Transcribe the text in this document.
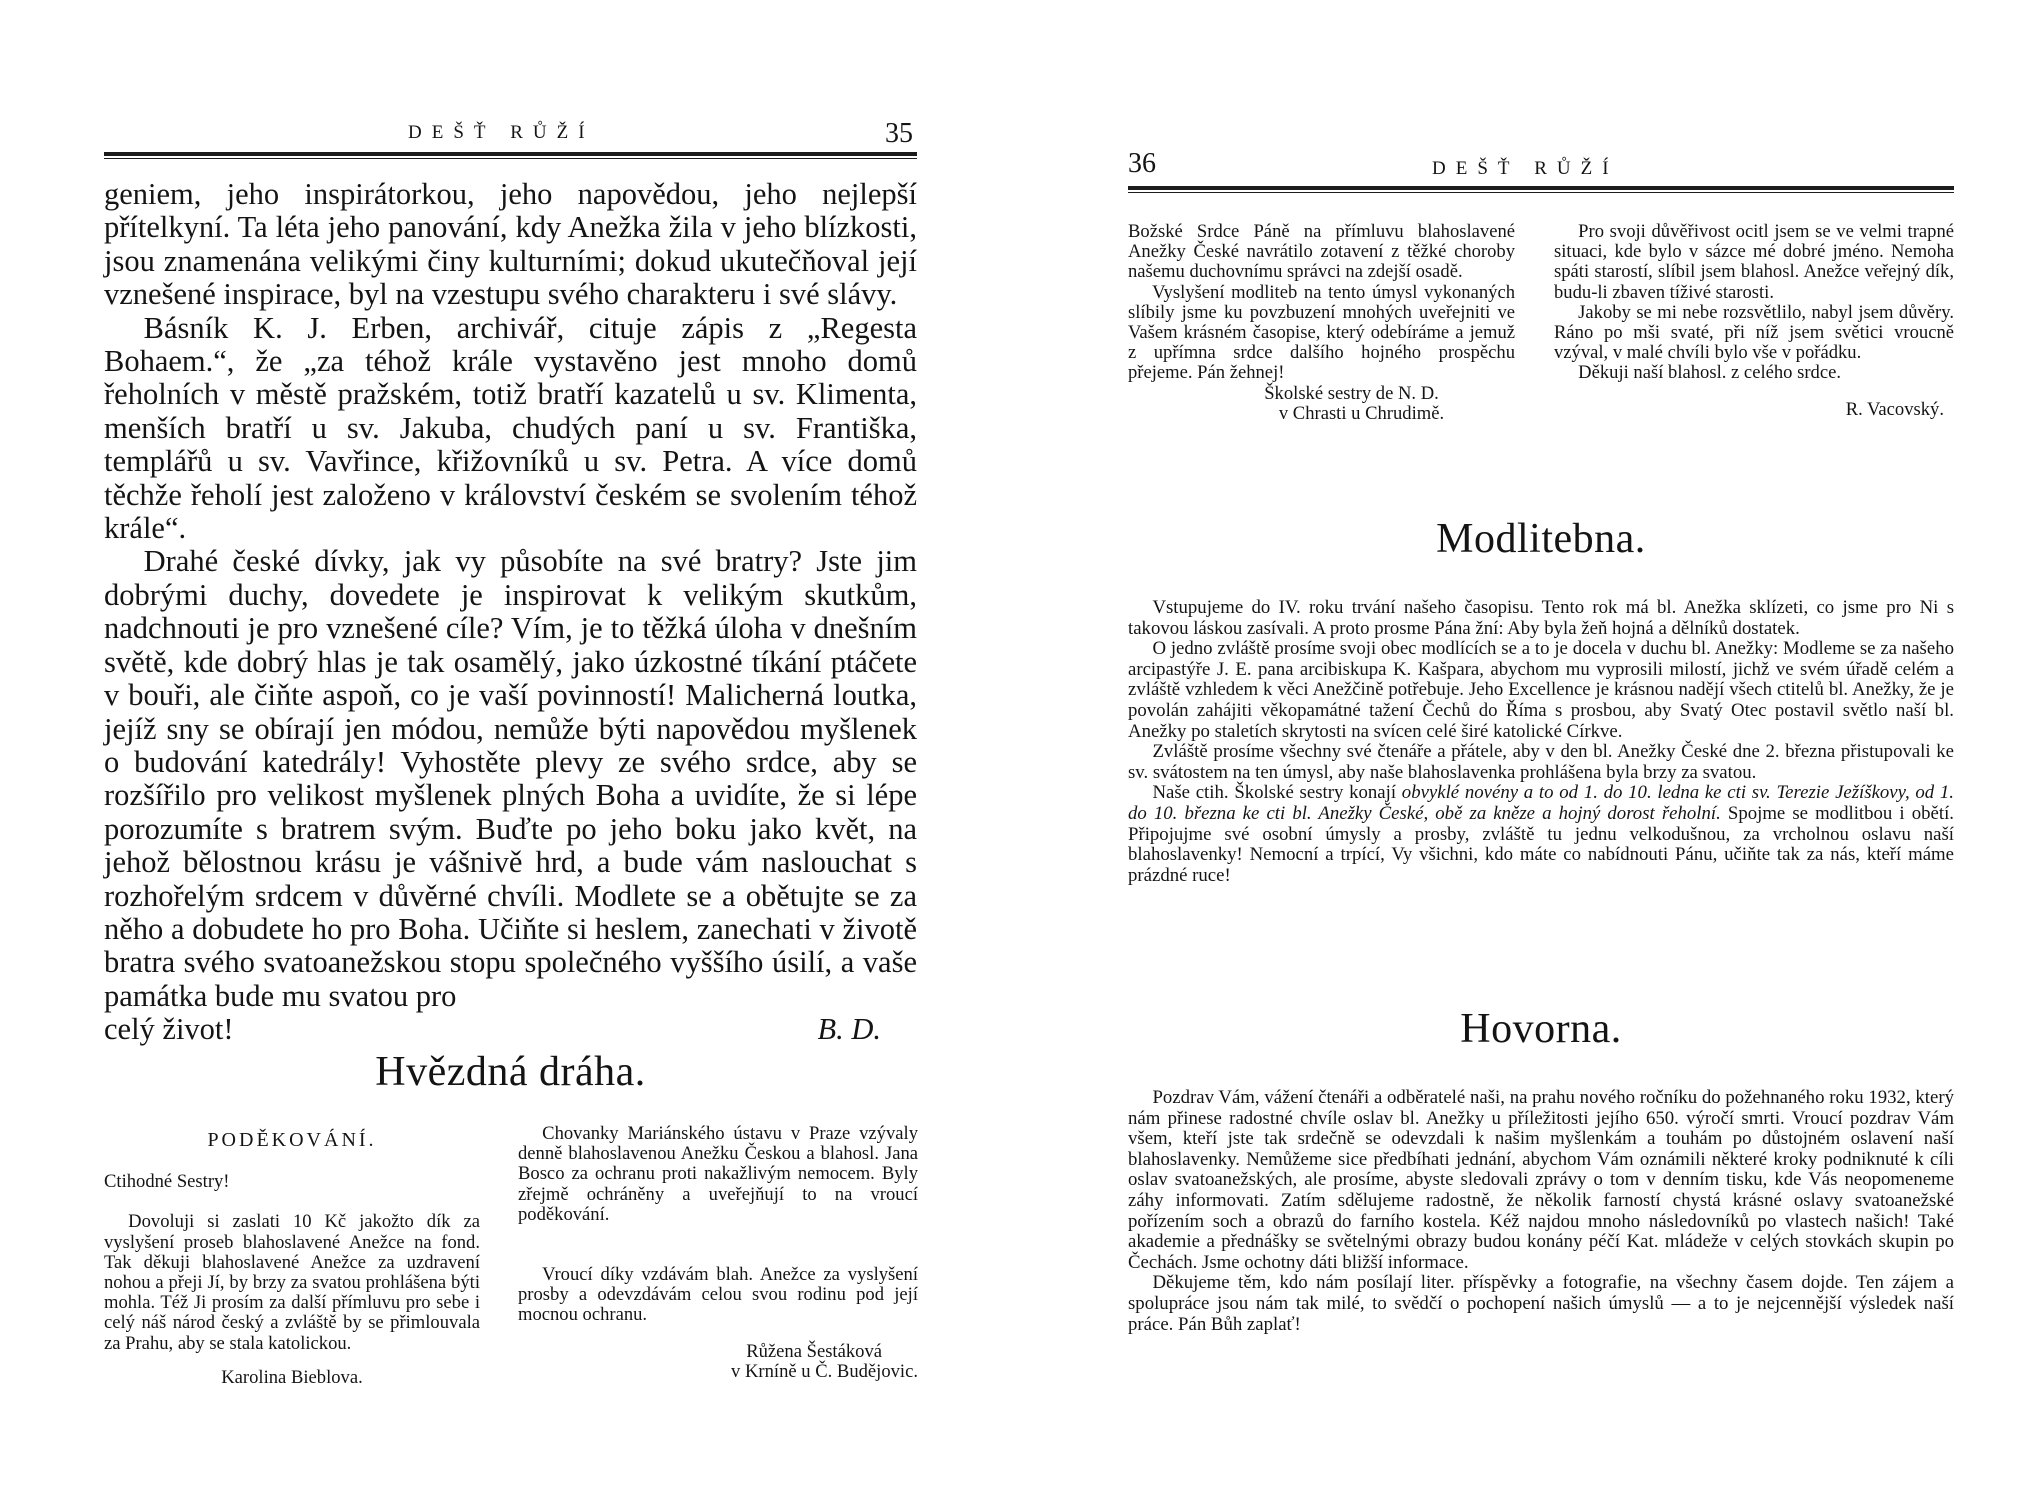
DEŠŤ RŮŽÍ	35

geniem, jeho inspirátorkou, jeho napovědou, jeho nejlepší přítelkyní. Ta léta jeho panování, kdy Anežka žila v jeho blízkosti, jsou znamenána velikými činy kulturními; dokud ukutečňoval její vznešené inspirace, byl na vzestupu svého charakteru i své slávy.

Básník K. J. Erben, archivář, cituje zápis z „Regesta Bohaem.“, že „za téhož krále vystavěno jest mnoho domů řeholních v městě pražském, totiž bratří kazatelů u sv. Klimenta, menších bratří u sv. Jakuba, chudých paní u sv. Františka, templářů u sv. Vavřince, křižovníků u sv. Petra. A více domů těchže řeholí jest založeno v království českém se svolením téhož krále“.

Drahé české dívky, jak vy působíte na své bratry? Jste jim dobrými duchy, dovedete je inspirovat k velikým skutkům, nadchnouti je pro vznešené cíle? Vím, je to těžká úloha v dnešním světě, kde dobrý hlas je tak osamělý, jako úzkostné tíkání ptáčete v bouři, ale čiňte aspoň, co je vaší povinností! Malicherná loutka, jejíž sny se obírají jen módou, nemůže býti napovědou myšlenek o budování katedrály! Vyhostěte plevy ze svého srdce, aby se rozšířilo pro velikost myšlenek plných Boha a uvidíte, že si lépe porozumíte s bratrem svým. Buďte po jeho boku jako květ, na jehož bělostnou krásu je vášnivě hrd, a bude vám naslouchat s rozhořelým srdcem v důvěrné chvíli. Modlete se a obětujte se za něho a dobudete ho pro Boha. Učiňte si heslem, zanechati v životě bratra svého svatoanežskou stopu společného vyššího úsilí, a vaše památka bude mu svatou pro

celý život!	B. D.
Hvězdná dráha.
PODĚKOVÁNÍ.

Ctihodné Sestry!

Dovoluji si zaslati 10 Kč jakožto dík za vyslyšení proseb blahoslavené Anežce na fond. Tak děkuji blahoslavené Anežce za uzdravení nohou a přeji Jí, by brzy za svatou prohlášena býti mohla. Též Ji prosím za další přímluvu pro sebe i celý náš národ český a zvláště by se přimlouvala za Prahu, aby se stala katolickou.

Karolina Bieblova.

Chovanky Mariánského ústavu v Praze vzývaly denně blahoslavenou Anežku Českou a blahosl. Jana Bosco za ochranu proti nakažlivým nemocem. Byly zřejmě ochráněny a uveřejňují to na vroucí poděkování.

Vroucí díky vzdávám blah. Anežce za vyslyšení prosby a odevzdávám celou svou rodinu pod její mocnou ochranu.

Růžena Šestáková
v Krníně u Č. Budějovic.
36	DEŠŤ RŮŽÍ

Božské Srdce Páně na přímluvu blahoslavené Anežky České navrátilo zotavení z těžké choroby našemu duchovnímu správci na zdejší osadě.

Vyslyšení modliteb na tento úmysl vykonaných slíbily jsme ku povzbuzení mnohých uveřejniti ve Vašem krásném časopise, který odebíráme a jemuž z upřímna srdce dalšího hojného prospěchu přejeme. Pán žehnej!

Školské sestry de N. D.
v Chrasti u Chrudimě.

Pro svoji důvěřivost ocitl jsem se ve velmi trapné situaci, kde bylo v sázce mé dobré jméno. Nemoha spáti starostí, slíbil jsem blahosl. Anežce veřejný dík, budu-li zbaven tíživé starosti.

Jakoby se mi nebe rozsvětlilo, nabyl jsem důvěry. Ráno po mši svaté, při níž jsem světici vroucně vzýval, v malé chvíli bylo vše v pořádku.

Děkuji naší blahosl. z celého srdce.

R. Vacovský.
Modlitebna.

Vstupujeme do IV. roku trvání našeho časopisu. Tento rok má bl. Anežka sklízeti, co jsme pro Ni s takovou láskou zasívali. A proto prosme Pána žní: Aby byla žeň hojná a dělníků dostatek.

O jedno zvláště prosíme svoji obec modlících se a to je docela v duchu bl. Anežky: Modleme se za našeho arcipastýře J. E. pana arcibiskupa K. Kašpara, abychom mu vyprosili milostí, jichž ve svém úřadě celém a zvláště vzhledem k věci Anežčině potřebuje. Jeho Excellence je krásnou nadějí všech ctitelů bl. Anežky, že je povolán zahájiti věkopamátné tažení Čechů do Říma s prosbou, aby Svatý Otec postavil světlo naší bl. Anežky po staletích skrytosti na svícen celé širé katolické Církve.

Zvláště prosíme všechny své čtenáře a přátele, aby v den bl. Anežky České dne 2. března přistupovali ke sv. svátostem na ten úmysl, aby naše blahoslavenka prohlášena byla brzy za svatou.

Naše ctih. Školské sestry konají obvyklé novény a to od 1. do 10. ledna ke cti sv. Terezie Ježíškovy, od 1. do 10. března ke cti bl. Anežky České, obě za kněze a hojný dorost řeholní. Spojme se modlitbou i obětí. Připojujme své osobní úmysly a prosby, zvláště tu jednu velkodušnou, za vrcholnou oslavu naší blahoslavenky! Nemocní a trpící, Vy všichni, kdo máte co nabídnouti Pánu, učiňte tak za nás, kteří máme prázdné ruce!

Hovorna.

Pozdrav Vám, vážení čtenáři a odběratelé naši, na prahu nového ročníku do požehnaného roku 1932, který nám přinese radostné chvíle oslav bl. Anežky u příležitosti jejího 650. výročí smrti. Vroucí pozdrav Vám všem, kteří jste tak srdečně se odevzdali k našim myšlenkám a touhám po důstojném oslavení naší blahoslavenky. Nemůžeme sice předbíhati jednání, abychom Vám oznámili některé kroky podniknuté k cíli oslav svatoanežských, ale prosíme, abyste sledovali zprávy o tom v denním tisku, kde Vás neopomeneme záhy informovati. Zatím sdělujeme radostně, že několik farností chystá krásné oslavy svatoanežské pořízením soch a obrazů do farního kostela. Kéž najdou mnoho následovníků po vlastech našich! Také akademie a přednášky se světelnými obrazy budou konány péčí Kat. mládeže v celých stovkách skupin po Čechách. Jsme ochotny dáti bližší informace.

Děkujeme těm, kdo nám posílají liter. příspěvky a fotografie, na všechny časem dojde. Ten zájem a spolupráce jsou nám tak milé, to svědčí o pochopení našich úmyslů — a to je nejcennější výsledek naší práce. Pán Bůh zaplať!
